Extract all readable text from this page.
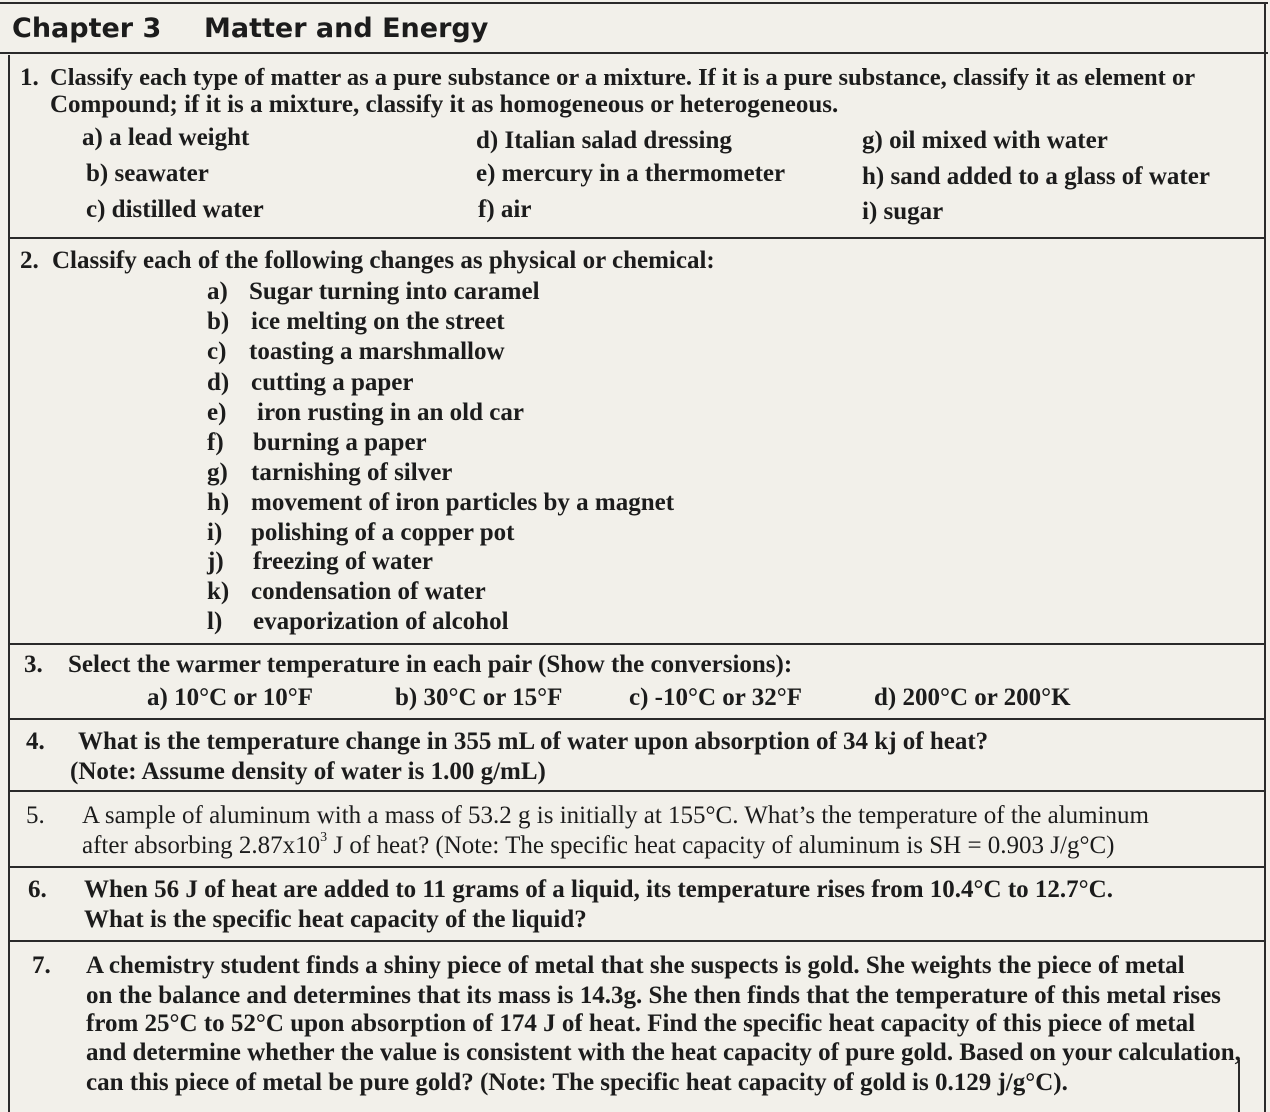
Chapter 3 Matter and Energy
1. Classify each type of matter as a pure substance or a mixture. If it is a pure substance, classify it as element or
Compound; if it is a mixture, classify it as homogeneous or heterogeneous.
a) a lead weight	d) Italian salad dressing	g) oil mixed with water
b) seawater	e) mercury in a thermometer	h) sand added to a glass of water
c) distilled water	f) air	i) sugar
2. Classify each of the following changes as physical or chemical:
a) Sugar turning into caramel
b) ice melting on the street
c) toasting a marshmallow
d) cutting a paper
e) iron rusting in an old car
f) burning a paper
g) tarnishing of silver
h) movement of iron particles by a magnet
i) polishing of a copper pot
j) freezing of water
k) condensation of water
l) evaporization of alcohol
3. Select the warmer temperature in each pair (Show the conversions):
a) 10°C or 10°F	b) 30°C or 15°F	c) -10°C or 32°F	d) 200°C or 200°K
4. What is the temperature change in 355 mL of water upon absorption of 34 kj of heat?
(Note: Assume density of water is 1.00 g/mL)
5. A sample of aluminum with a mass of 53.2 g is initially at 155°C. What’s the temperature of the aluminum
after absorbing $2.87x10^3$ J of heat? (Note: The specific heat capacity of aluminum is SH = 0.903 J/g°C)
6. When 56 J of heat are added to 11 grams of a liquid, its temperature rises from 10.4°C to 12.7°C.
What is the specific heat capacity of the liquid?
7. A chemistry student finds a shiny piece of metal that she suspects is gold. She weights the piece of metal
on the balance and determines that its mass is 14.3g. She then finds that the temperature of this metal rises
from 25°C to 52°C upon absorption of 174 J of heat. Find the specific heat capacity of this piece of metal
and determine whether the value is consistent with the heat capacity of pure gold. Based on your calculation,
can this piece of metal be pure gold? (Note: The specific heat capacity of gold is 0.129 j/g°C).
